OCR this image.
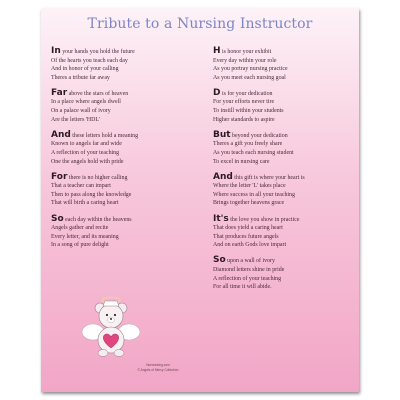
Tribute to a Nursing Instructor
In your hands you hold the future
Of the hearts you teach each day
And in honor of your calling
Theres a tribute far away
Far above the stars of heaven
In a place where angels dwell
On a palace wall of ivory
Are the letters 'HDL'
And these letters hold a meaning
Known to angels far and wide
A reflection of your teaching
One the angels hold with pride
For there is no higher calling
That a teacher can impart
Then to pass along the knowledge
That will birth a caring heart
So each day within the heavens
Angels gather and recite
Every letter, and its meaning
In a song of pure delight
H is honor your exhibit
Every day within your role
As you portray nursing practice
As you meet each nursing goal
D is for your dedication
For your efforts never tire
To instill within your students
Higher standards to aspire
But beyond your dedication
Theres a gift you freely share
As you teach each nursing student
To excel in nursing care
And this gift is where your heart is
Where the letter 'L' takes place
Where success in all your teaching
Brings together heavens grace
It's the love you show in practice
That does yield a caring heart
That produces future angels
And on earth Gods love impart
So upon a wall of ivory
Diamond letters shine in pride
A reflection of your teaching
For all time it will abide.
Nurseswing.com
© Angels of Mercy Collection
